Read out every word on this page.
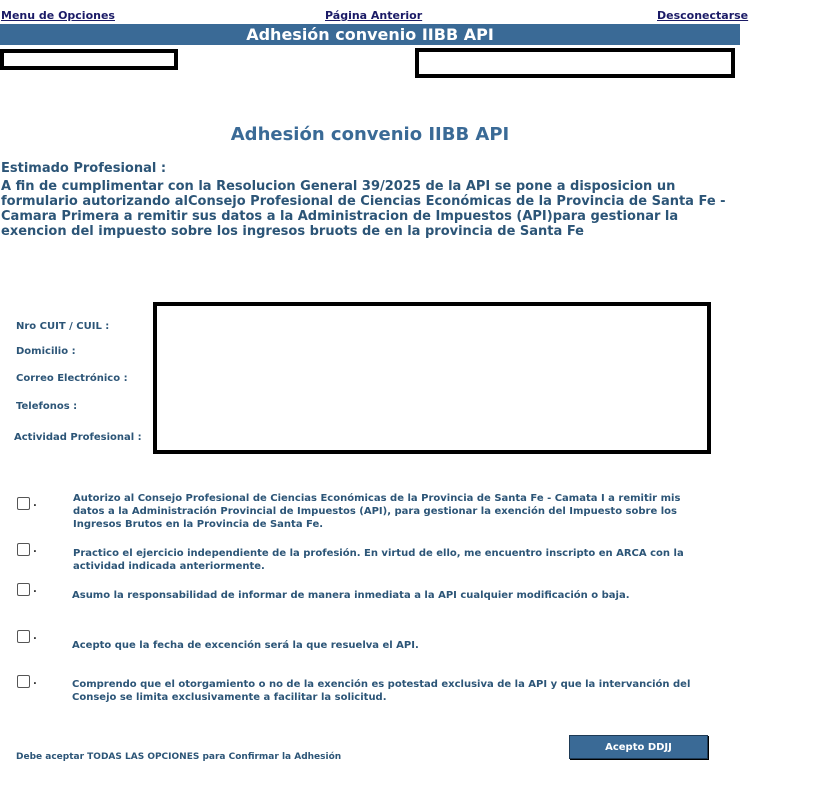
Menu de Opciones	Página Anterior	Desconectarse
Adhesión convenio IIBB API
Adhesión convenio IIBB API
Estimado Profesional :
A fin de cumplimentar con la Resolucion General 39/2025 de la API se pone a disposicion un formulario autorizando alConsejo Profesional de Ciencias Económicas de la Provincia de Santa Fe - Camara Primera a remitir sus datos a la Administracion de Impuestos (API)para gestionar la exencion del impuesto sobre los ingresos bruots de en la provincia de Santa Fe
Nro CUIT / CUIL :
Domicilio :
Correo Electrónico :
Telefonos :
Actividad Profesional :
.	Autorizo al Consejo Profesional de Ciencias Económicas de la Provincia de Santa Fe - Camata I a remitir mis datos a la Administración Provincial de Impuestos (API), para gestionar la exención del Impuesto sobre los Ingresos Brutos en la Provincia de Santa Fe.
.	Practico el ejercicio independiente de la profesión. En virtud de ello, me encuentro inscripto en ARCA con la actividad indicada anteriormente.
.
Asumo la responsabilidad de informar de manera inmediata a la API cualquier modificación o baja.
.
Acepto que la fecha de excención será la que resuelva el API.
.	Comprendo que el otorgamiento o no de la exención es potestad exclusiva de la API y que la intervanción del Consejo se limita exclusivamente a facilitar la solicitud.
Debe aceptar TODAS LAS OPCIONES para Confirmar la Adhesión
Acepto DDJJ
